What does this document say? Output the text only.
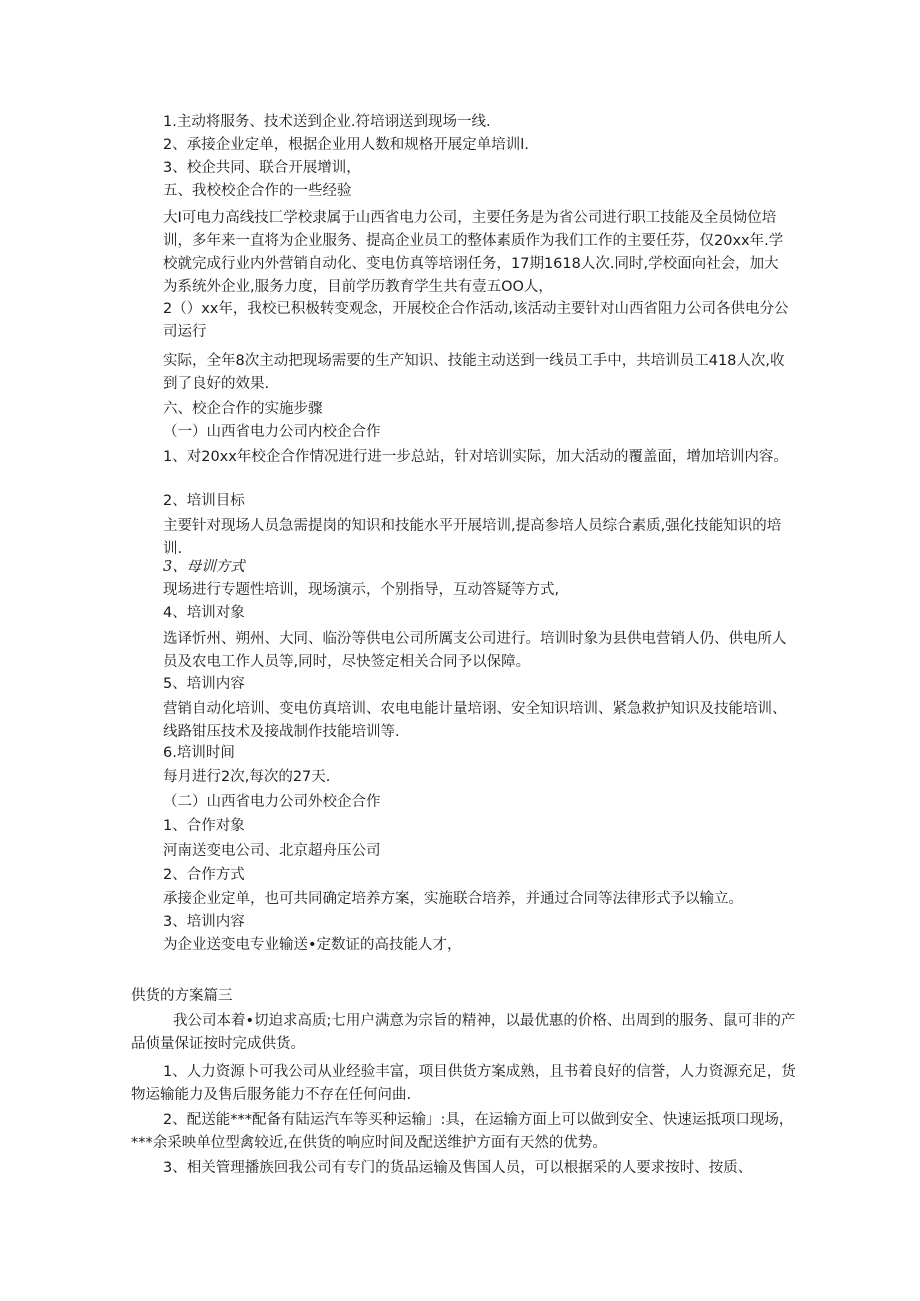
1.主动将服务、技术送到企业.符培诩送到现场一线.

2、承接企业定单，根据企业用人数和规格开展定单培训l.

3、校企共同、联合开展增训，

五、我校校企合作的一些经验

大I可电力高线技匚学校隶属于山西省电力公司，主要任务是为省公司进行职工技能及全员恸位培训，多年来一直将为企业服务、提高企业员工的整体素质作为我们工作的主要任芬，仅20xx年.学校就完成行业内外营销自动化、变电仿真等培诩任务，17期1618人次.同时,学校面向社会，加大为系统外企业,服务力度，目前学历教育学生共有壹五OO人，

2（）xx年，我校已积极转变观念，开展校企合作活动,该活动主要针对山西省阻力公司各供电分公司运行

实际，全年8次主动把现场需要的生产知识、技能主动送到一线员工手中，共培训员工418人次,收到了良好的效果.

六、校企合作的实施步骤

（一）山西省电力公司内校企合作

1、对20xx年校企合作情况进行进一步总站，针对培训实际，加大活动的覆盖面，增加培训内容。

2、培训目标

主要针对现场人员急需提岗的知识和技能水平开展培训,提高参培人员综合素质,强化技能知识的培训.

3、母训方式

现场进行专题性培训，现场演示，个别指导，互动答疑等方式,

4、培训对象

选译忻州、朔州、大同、临汾等供电公司所厲支公司进行。培训时象为县供电营销人仍、供电所人员及农电工作人员等,同时，尽快签定相关合同予以保障。

5、培训内容

营销自动化培训、变电仿真培训、农电电能计量培诩、安全知识培训、紧急救护知识及技能培训、线路钳压技术及接战制作技能培训等.

6.培训时间

每月进行2次,每次的27天.

（二）山西省电力公司外校企合作

1、合作对象

河南送变电公司、北京超舟压公司

2、合作方式

承接企业定单，也可共同确定培养方案，实施联合培养，并通过合同等法律形式予以输立。

3、培训内容

为企业送变电专业输送•定数证的高技能人才，

供货的方案篇三

我公司本着•切迫求高质;七用户满意为宗旨的精神，以最优惠的价格、出周到的服务、鼠可非的产品侦量保证按时完成供货。

1、人力资源卜可我公司从业经验丰富，项目供货方案成熟，且书着良好的信誉，人力资源充足，货物运输能力及售后服务能力不存在任何问曲.

2、配送能***配备有陆运汽车等买种运输」:具，在运输方面上可以做到安全、快速运抵项口现场，***余采映单位型禽较近,在供货的响应时间及配送维护方面有天然的优势。

3、相关管理播族回我公司有专门的货品运输及售国人员，可以根据采的人要求按时、按质、
